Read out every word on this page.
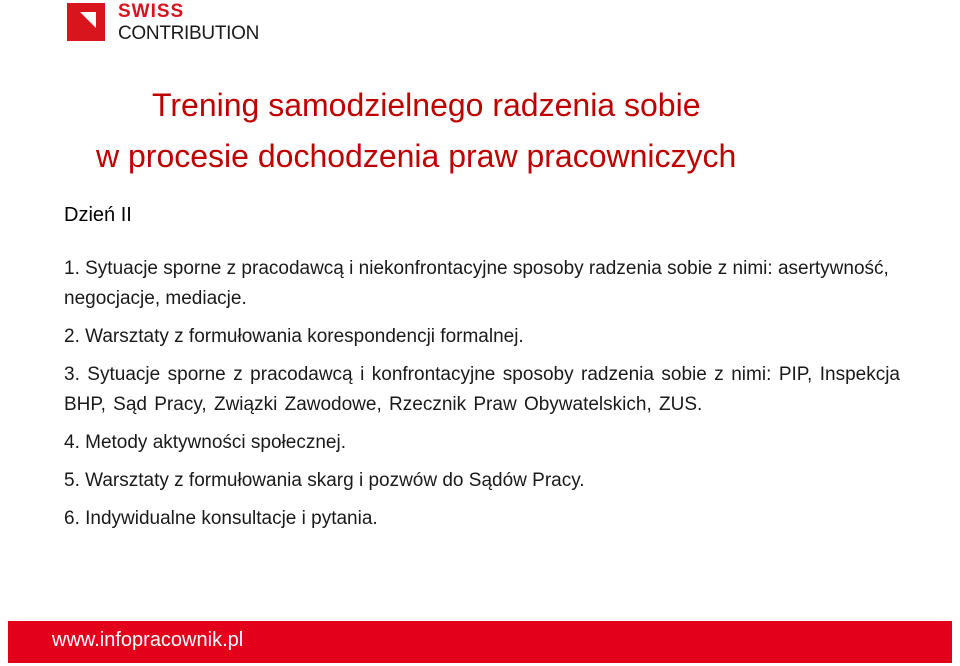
SWISS
CONTRIBUTION
Trening samodzielnego radzenia sobie
w procesie dochodzenia praw pracowniczych
Dzień II

1. Sytuacje sporne z pracodawcą i niekonfrontacyjne sposoby radzenia sobie z nimi: asertywność, negocjacje, mediacje.

2. Warsztaty z formułowania korespondencji formalnej.

3. Sytuacje sporne z pracodawcą i konfrontacyjne sposoby radzenia sobie z nimi: PIP, Inspekcja BHP, Sąd Pracy, Związki Zawodowe, Rzecznik Praw Obywatelskich, ZUS.

4. Metody aktywności społecznej.

5. Warsztaty z formułowania skarg i pozwów do Sądów Pracy.

6. Indywidualne konsultacje i pytania.

www.infopracownik.pl
